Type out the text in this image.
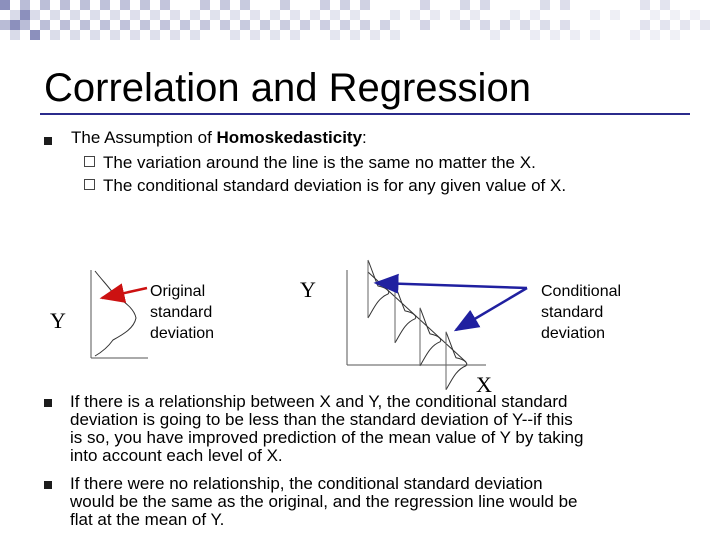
Correlation and Regression
The Assumption of Homoskedasticity:
The variation around the line is the same no matter the X.
The conditional standard deviation is for any given value of X.
Y
Original
standard
deviation
Y
X
Conditional
standard
deviation
If there is a relationship between X and Y, the conditional standard
deviation is going to be less than the standard deviation of Y--if this
is so, you have improved prediction of the mean value of Y by taking
into account each level of X.
If there were no relationship, the conditional standard deviation
would be the same as the original, and the regression line would be
flat at the mean of Y.
